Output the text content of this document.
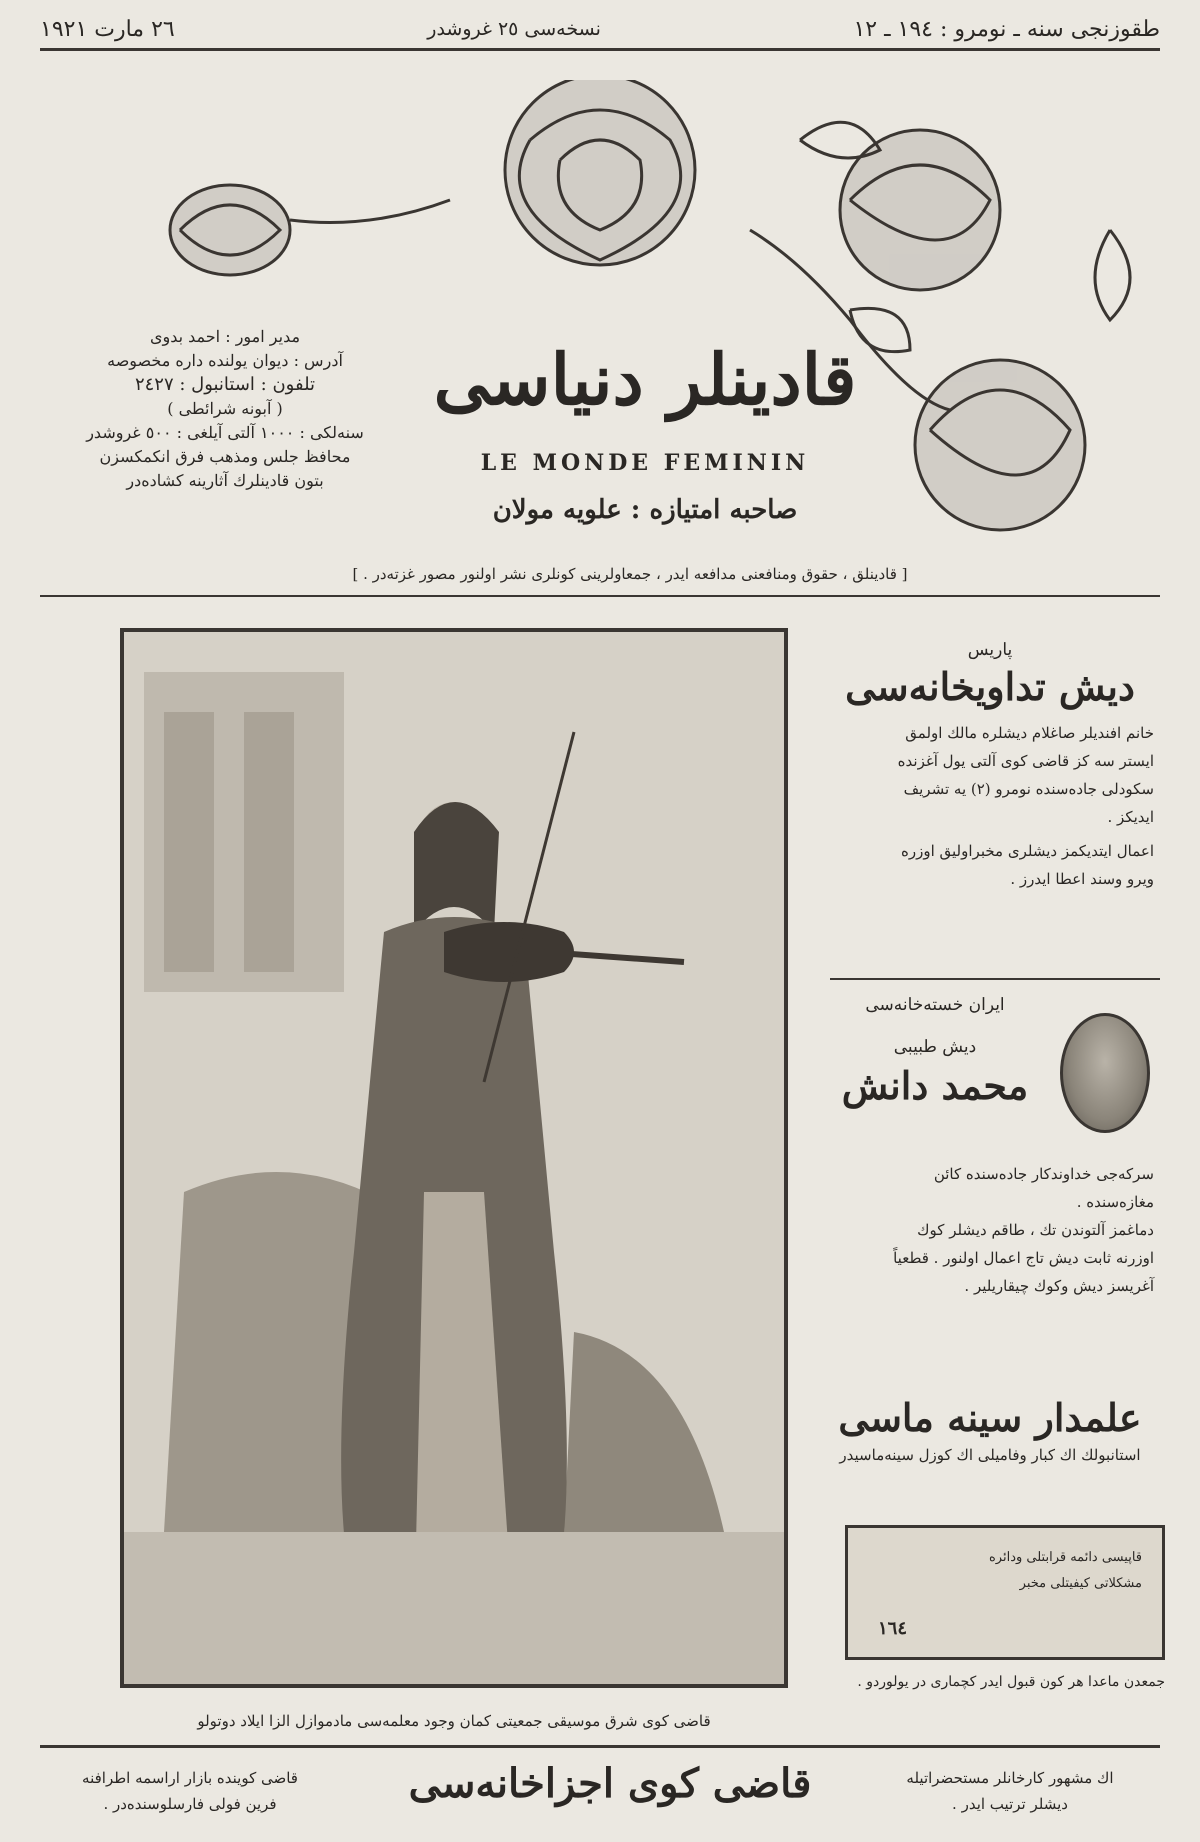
٢٦ مارت ١٩٢١	نسخه‌سی ٢٥ غروشدر	طقوزنجی سنه ـ نومرو : ١٩٤ ـ ١٢
مدیر امور : احمد بدوی
آدرس : دیوان یولنده داره مخصوصه
تلفون : استانبول : ٢٤٢٧
( آبونه شرائطی )
سنه‌لکی : ١٠٠٠ آلتی آیلغی : ٥٠٠ غروشدر
محافظ جلس ومذهب فرق انکمکسزن
بتون قادینلرك آثارینه کشاده‌در
قادینلر دنیاسی
LE MONDE FEMININ
صاحبه امتیازه : علویه مولان
[ قادینلق ، حقوق ومنافعنی مدافعه ایدر ، جمعاولرینی کونلری نشر اولنور مصور غزته‌در . ]
قاضی کوی شرق موسیقی جمعیتی کمان وجود معلمه‌سی مادموازل الزا ایلاد دوتولو
پاریس
دیش تداویخانه‌سی
خانم افندیلر صاغلام دیشلره مالك اولمق
ایستر سه کز قاضی کوی آلتی یول آغزنده
سکودلی جاده‌سنده نومرو (٢) یه تشریف
ایدیکز .
اعمال ایتدیکمز دیشلری مخبراولیق اوزره
ویرو وسند اعطا ایدرز .
ایران خسته‌خانه‌سی
دیش طبیبی
محمد دانش
سرکه‌جی خداوندکار جاده‌سنده کائن
مغازه‌سنده .
دماغمز آلتوندن تك ، طاقم دیشلر کوك
اوزرنه ثابت دیش تاج اعمال اولنور . قطعیاً
آغریسز دیش وکوك چیقاریلیر .
علمدار سینه ماسی
استانبولك اك کبار وفامیلی اك کوزل سینه‌ماسیدر
قاپیسی دائمه قرابتلی ودائره
مشکلاتی کیفیتلی مخبر
١٦٤
جمعدن ماعدا هر کون قبول ایدر کچماری در یولوردو .
قاضی کوینده بازار اراسمه اطرافنه
فرین فولی فارسلوسنده‌در .	قاضی کوی اجزاخانه‌سی	اك مشهور کارخانلر مستحضراتیله
دیشلر ترتیب ایدر .
